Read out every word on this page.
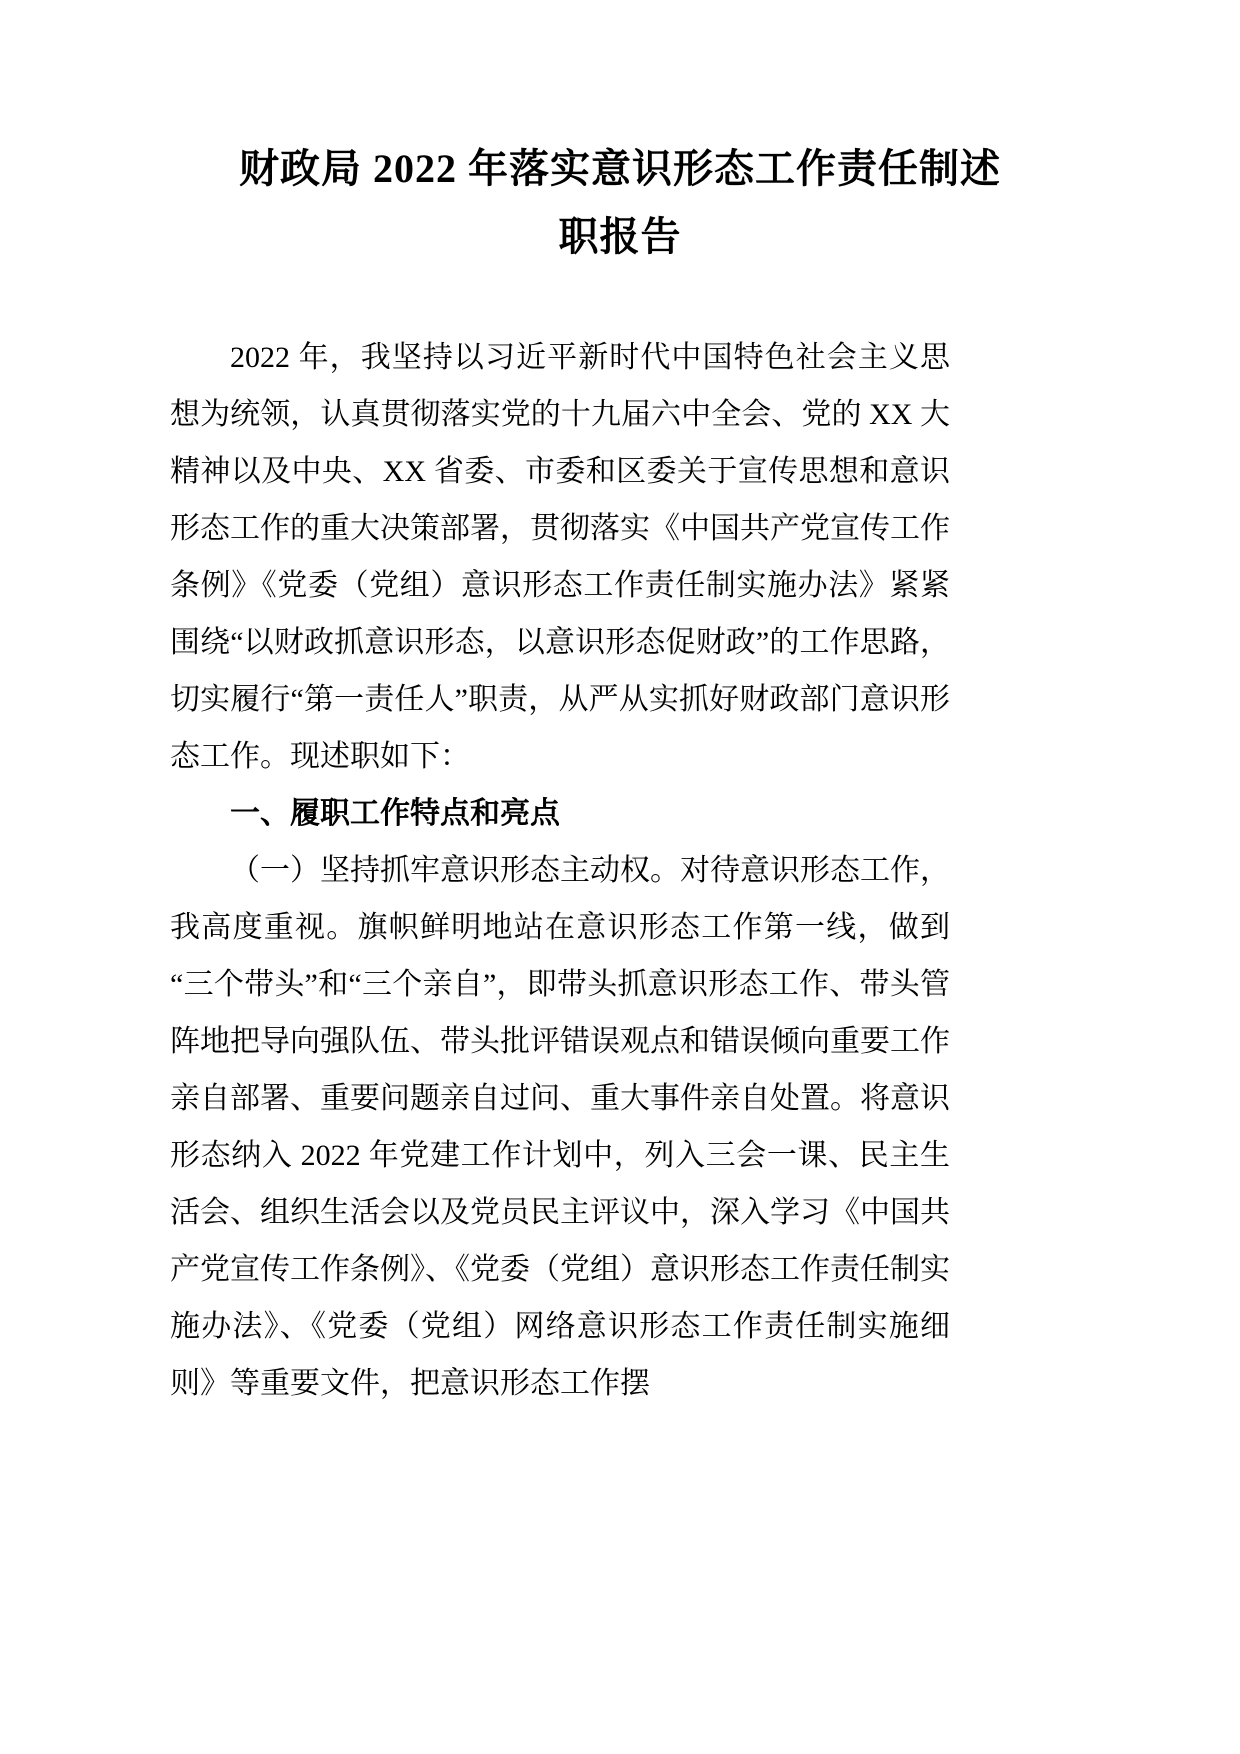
财政局 2022 年落实意识形态工作责任制述职报告

2022 年，我坚持以习近平新时代中国特色社会主义思想为统领，认真贯彻落实党的十九届六中全会、党的 XX 大精神以及中央、XX 省委、市委和区委关于宣传思想和意识形态工作的重大决策部署，贯彻落实《中国共产党宣传工作条例》《党委（党组）意识形态工作责任制实施办法》紧紧围绕“以财政抓意识形态，以意识形态促财政”的工作思路，切实履行“第一责任人”职责，从严从实抓好财政部门意识形态工作。现述职如下：

一、履职工作特点和亮点

（一）坚持抓牢意识形态主动权。对待意识形态工作，我高度重视。旗帜鲜明地站在意识形态工作第一线，做到“三个带头”和“三个亲自”，即带头抓意识形态工作、带头管阵地把导向强队伍、带头批评错误观点和错误倾向重要工作亲自部署、重要问题亲自过问、重大事件亲自处置。将意识形态纳入 2022 年党建工作计划中，列入三会一课、民主生活会、组织生活会以及党员民主评议中，深入学习《中国共产党宣传工作条例》、《党委（党组）意识形态工作责任制实施办法》、《党委（党组）网络意识形态工作责任制实施细则》等重要文件，把意识形态工作摆
